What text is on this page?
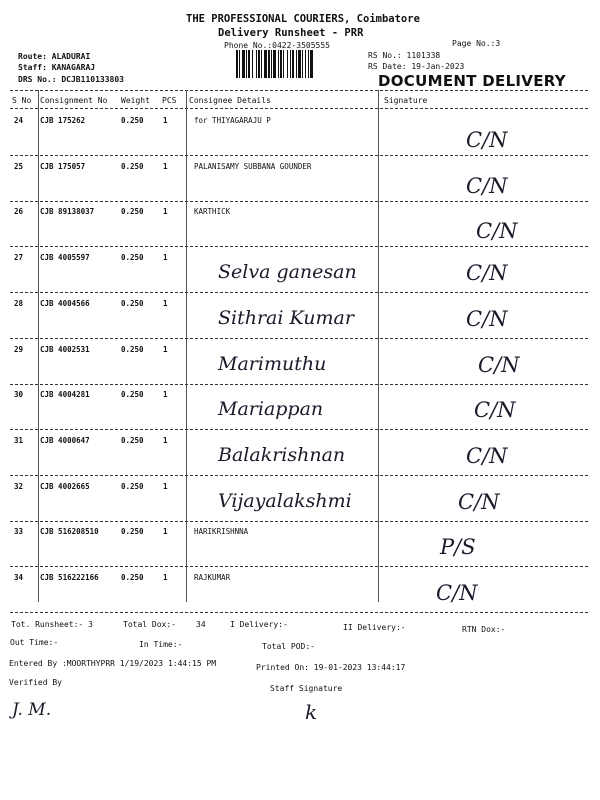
THE PROFESSIONAL COURIERS, Coimbatore
Delivery Runsheet - PRR
Phone No.:0422-3505555	Page No.:3
Route: ALADURAI
Staff: KANAGARAJ
DRS No.: DCJB110133803
RS No.: 1101338
RS Date: 19-Jan-2023
DOCUMENT DELIVERY
S No Consignment No Weight PCS Consignee Details	Signature
24 CJB 175262	0.250	1	for THIYAGARAJU P
C/N
25 CJB 175057	0.250	1	PALANISAMY SUBBANA GOUNDER
C/N
26 CJB 89138037	0.250	1	KARTHICK
C/N
27 CJB 4005597	0.250	1
Selva ganesan	C/N
28 CJB 4004566	0.250	1
Sithrai Kumar	C/N
29 CJB 4002531	0.250	1
Marimuthu	C/N
30 CJB 4004281	0.250	1
Mariappan	C/N
31 CJB 4000647	0.250	1
Balakrishnan	C/N
32 CJB 4002665	0.250	1
Vijayalakshmi	C/N
33 CJB 516208510	0.250	1	HARIKRISHNNA
P/S
34 CJB 516222166	0.250	1	RAJKUMAR
C/N
Tot. Runsheet:- 3	Total Dox:-	34	I Delivery:-	II Delivery:-	RTN Dox:-
Out Time:-	In Time:-	Total POD:-
Entered By :MOORTHYPRR 1/19/2023 1:44:15 PM	Printed On: 19-01-2023 13:44:17
Verified By
Staff Signature
J. M.	k
